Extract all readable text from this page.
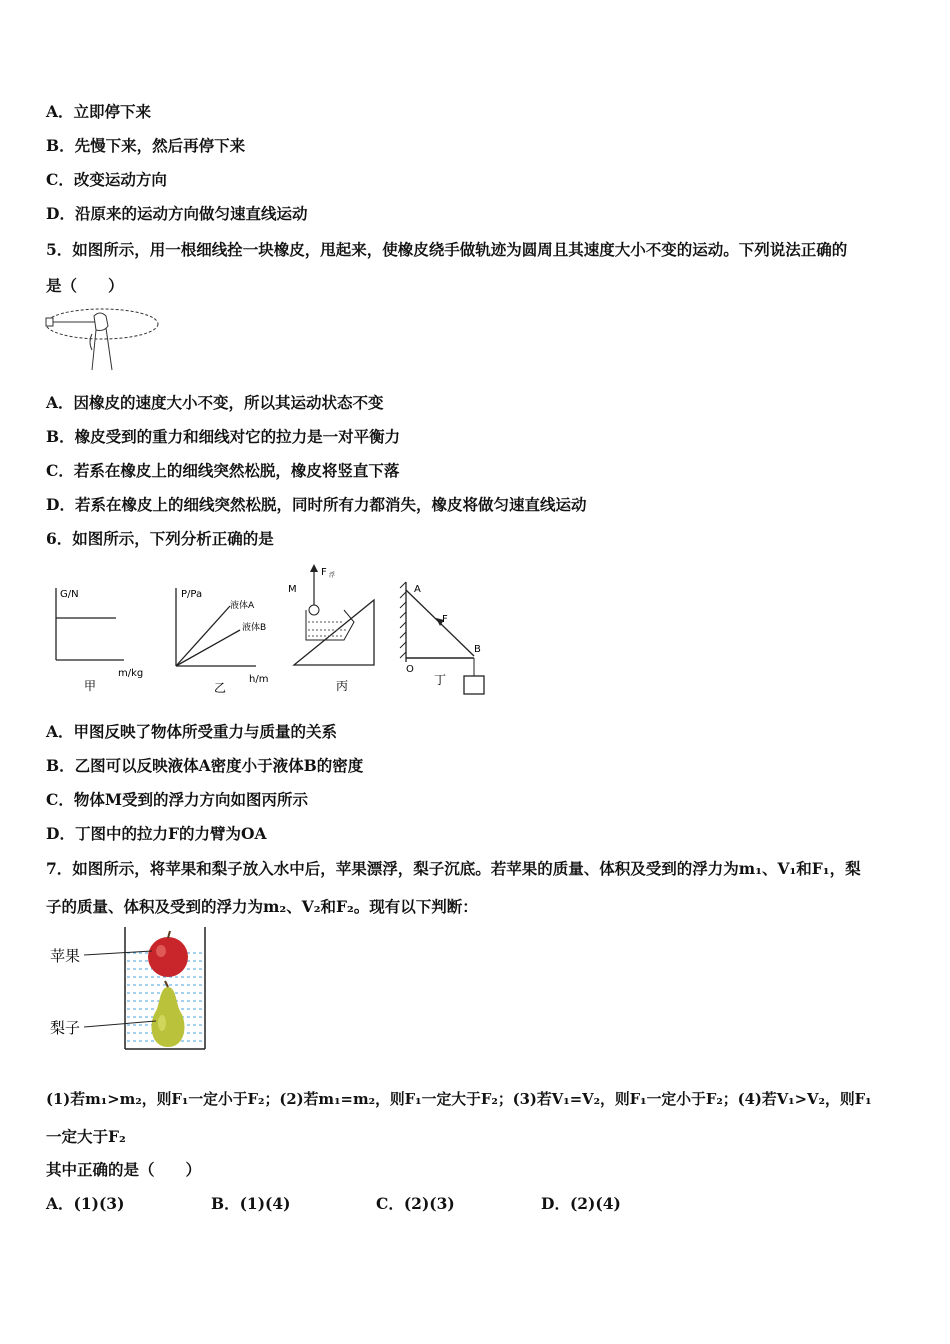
A．立即停下来
B．先慢下来，然后再停下来
C．改变运动方向
D．沿原来的运动方向做匀速直线运动
5．如图所示，用一根细线拴一块橡皮，甩起来，使橡皮绕手做轨迹为圆周且其速度大小不变的运动。下列说法正确的
是（　　）
A．因橡皮的速度大小不变，所以其运动状态不变
B．橡皮受到的重力和细线对它的拉力是一对平衡力
C．若系在橡皮上的细线突然松脱，橡皮将竖直下落
D．若系在橡皮上的细线突然松脱，同时所有力都消失，橡皮将做匀速直线运动
6．如图所示，下列分析正确的是
G/N
m/kg
甲
P/Pa
液体A
液体B
h/m
乙
M
F 浮
丙
A
F
B
O
丁
A．甲图反映了物体所受重力与质量的关系
B．乙图可以反映液体A密度小于液体B的密度
C．物体M受到的浮力方向如图丙所示
D．丁图中的拉力F的力臂为OA
7．如图所示，将苹果和梨子放入水中后，苹果漂浮，梨子沉底。若苹果的质量、体积及受到的浮力为m₁、V₁和F₁，梨
子的质量、体积及受到的浮力为m₂、V₂和F₂。现有以下判断：
苹果
梨子
(1)若m₁>m₂，则F₁一定小于F₂；(2)若m₁=m₂，则F₁一定大于F₂；(3)若V₁=V₂，则F₁一定小于F₂；(4)若V₁>V₂，则F₁
一定大于F₂
其中正确的是（　　）
A．(1)(3)	B．(1)(4)	C．(2)(3)	D．(2)(4)
